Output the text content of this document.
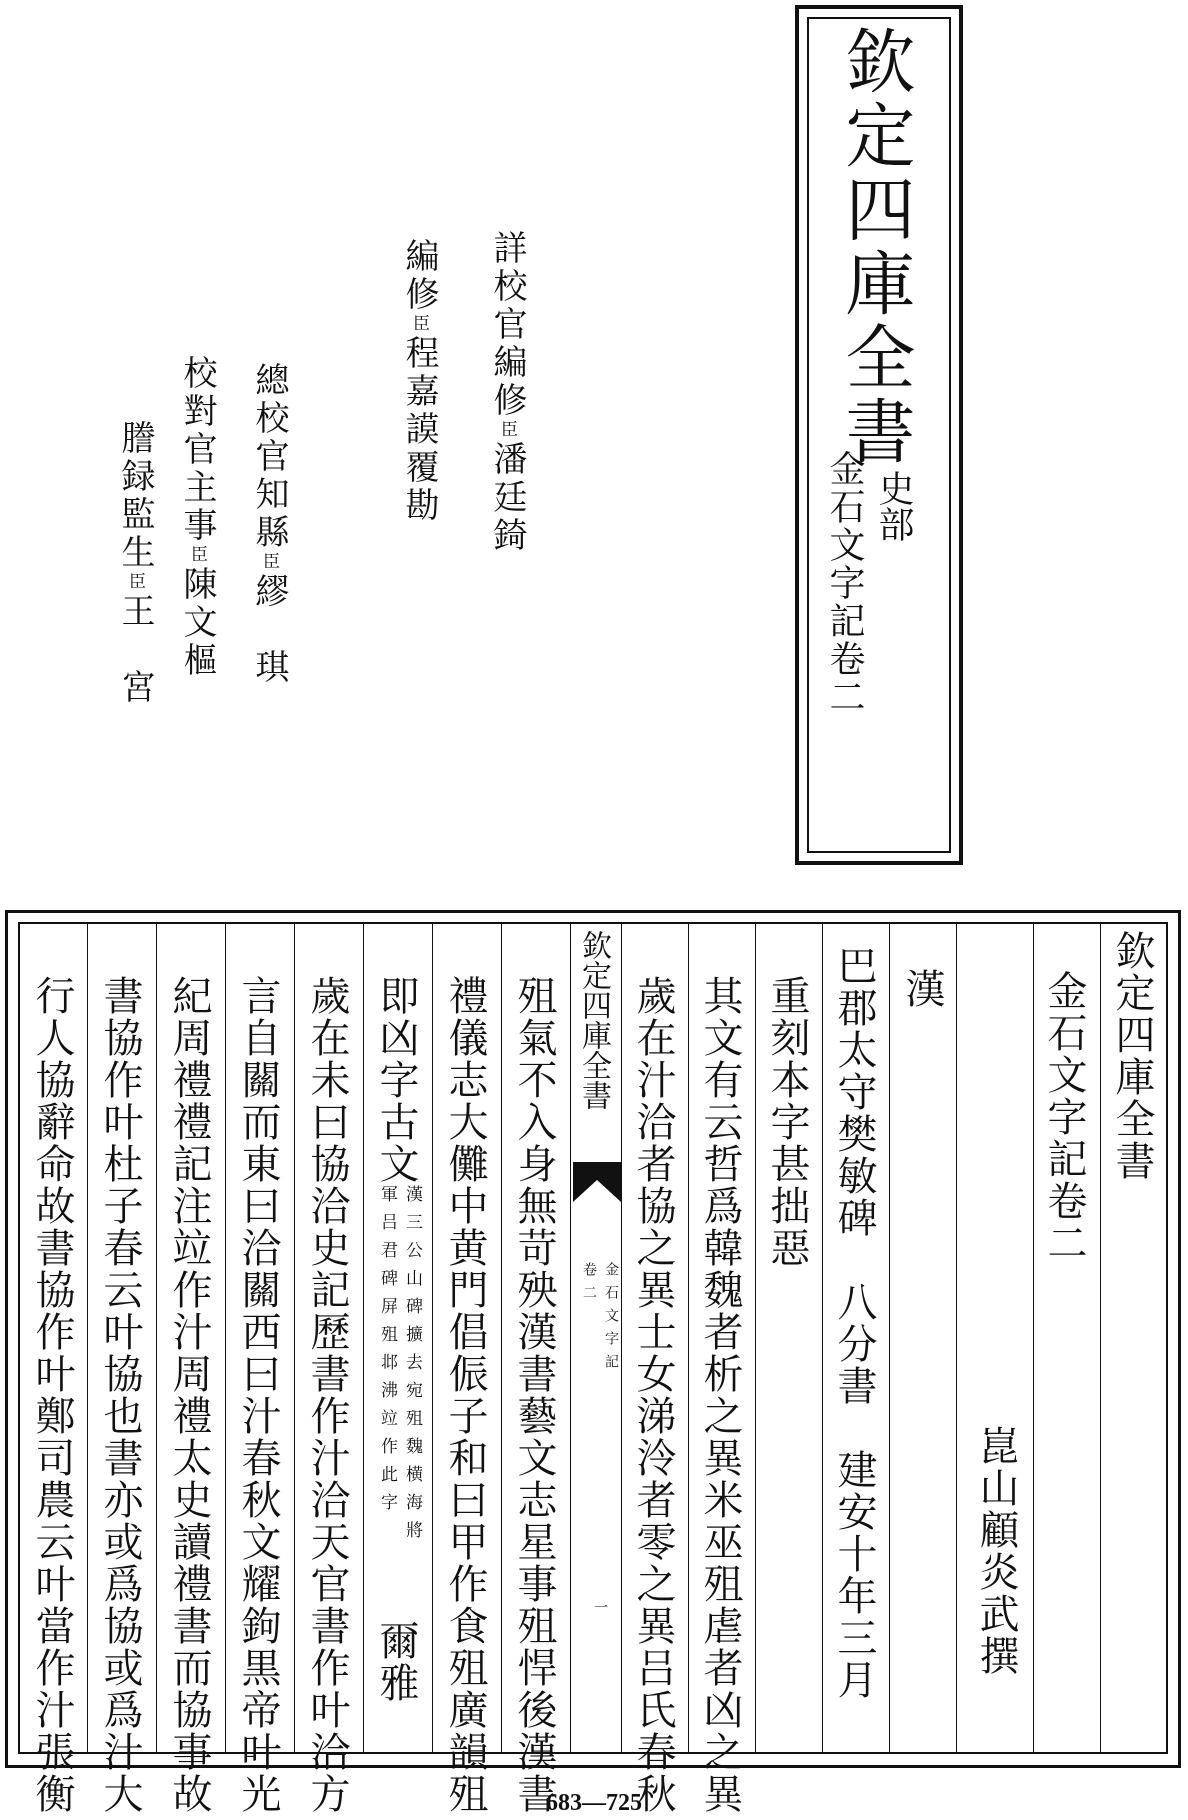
欽定四庫全書
史部
金石文字記卷二
詳校官編修臣潘廷錡
編修臣程嘉謨覆勘
總校官知縣臣繆　琪
校對官主事臣陳文樞
謄録監生臣王　宮
欽定四庫全書
金石文字記卷二
崑山顧炎武撰
漢
巴郡太守樊敏碑　八分書　建安十年三月
重刻本字甚拙惡
其文有云哲爲韓魏者析之異米巫殂虐者凶之異
歲在汁洽者協之異士女涕泠者零之異吕氏春秋
欽定四庫全書
金石文字記
卷二
一
殂氣不入身無苛殃漢書藝文志星事殂悍後漢書
禮儀志大儺中黄門倡侲子和曰甲作食殂廣韻殂
即凶字古文
漢三公山碑擴去宛殂魏横海將
軍吕君碑屏殂邶沸竝作此字
爾雅
歲在未曰協洽史記歷書作汁洽天官書作叶洽方
言自關而東曰洽關西曰汁春秋文耀鉤黒帝叶光
紀周禮禮記注竝作汁周禮太史讀禮書而協事故
書協作叶杜子春云叶協也書亦或爲協或爲汁大
行人協辭命故書協作叶鄭司農云叶當作汁張衡	683—725
